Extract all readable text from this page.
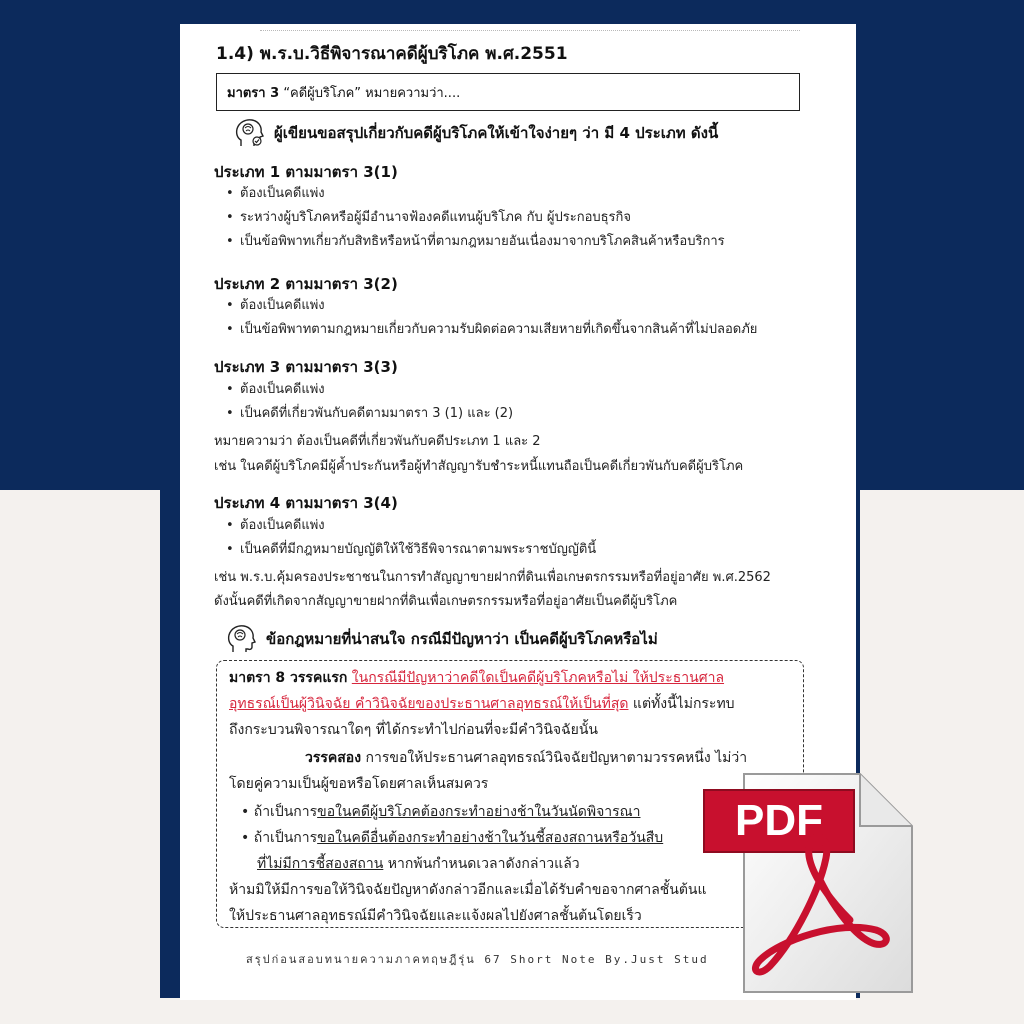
1.4) พ.ร.บ.วิธีพิจารณาคดีผู้บริโภค พ.ศ.2551
มาตรา 3 “คดีผู้บริโภค” หมายความว่า....
ผู้เขียนขอสรุปเกี่ยวกับคดีผู้บริโภคให้เข้าใจง่ายๆ ว่า มี 4 ประเภท ดังนี้
ประเภท 1 ตามมาตรา 3(1)
• ต้องเป็นคดีแพ่ง
• ระหว่างผู้บริโภคหรือผู้มีอำนาจฟ้องคดีแทนผู้บริโภค กับ ผู้ประกอบธุรกิจ
• เป็นข้อพิพาทเกี่ยวกับสิทธิหรือหน้าที่ตามกฎหมายอันเนื่องมาจากบริโภคสินค้าหรือบริการ
ประเภท 2 ตามมาตรา 3(2)
• ต้องเป็นคดีแพ่ง
• เป็นข้อพิพาทตามกฎหมายเกี่ยวกับความรับผิดต่อความเสียหายที่เกิดขึ้นจากสินค้าที่ไม่ปลอดภัย
ประเภท 3 ตามมาตรา 3(3)
• ต้องเป็นคดีแพ่ง
• เป็นคดีที่เกี่ยวพันกับคดีตามมาตรา 3 (1) และ (2)
หมายความว่า ต้องเป็นคดีที่เกี่ยวพันกับคดีประเภท 1 และ 2
เช่น ในคดีผู้บริโภคมีผู้ค้ำประกันหรือผู้ทำสัญญารับชำระหนี้แทนถือเป็นคดีเกี่ยวพันกับคดีผู้บริโภค
ประเภท 4 ตามมาตรา 3(4)
• ต้องเป็นคดีแพ่ง
• เป็นคดีที่มีกฎหมายบัญญัติให้ใช้วิธีพิจารณาตามพระราชบัญญัตินี้
เช่น พ.ร.บ.คุ้มครองประชาชนในการทำสัญญาขายฝากที่ดินเพื่อเกษตรกรรมหรือที่อยู่อาศัย พ.ศ.2562
ดังนั้นคดีที่เกิดจากสัญญาขายฝากที่ดินเพื่อเกษตรกรรมหรือที่อยู่อาศัยเป็นคดีผู้บริโภค
ข้อกฎหมายที่น่าสนใจ กรณีมีปัญหาว่า เป็นคดีผู้บริโภคหรือไม่
มาตรา 8 วรรคแรก ในกรณีมีปัญหาว่าคดีใดเป็นคดีผู้บริโภคหรือไม่ ให้ประธานศาล
อุทธรณ์เป็นผู้วินิจฉัย คำวินิจฉัยของประธานศาลอุทธรณ์ให้เป็นที่สุด แต่ทั้งนี้ไม่กระทบ
ถึงกระบวนพิจารณาใดๆ ที่ได้กระทำไปก่อนที่จะมีคำวินิจฉัยนั้น
วรรคสอง การขอให้ประธานศาลอุทธรณ์วินิจฉัยปัญหาตามวรรคหนึ่ง ไม่ว่า
โดยคู่ความเป็นผู้ขอหรือโดยศาลเห็นสมควร
• ถ้าเป็นการขอในคดีผู้บริโภคต้องกระทำอย่างช้าในวันนัดพิจารณา
• ถ้าเป็นการขอในคดีอื่นต้องกระทำอย่างช้าในวันชี้สองสถานหรือวันสืบ
ที่ไม่มีการชี้สองสถาน หากพ้นกำหนดเวลาดังกล่าวแล้ว
ห้ามมิให้มีการขอให้วินิจฉัยปัญหาดังกล่าวอีกและเมื่อได้รับคำขอจากศาลชั้นต้นแ
ให้ประธานศาลอุทธรณ์มีคำวินิจฉัยและแจ้งผลไปยังศาลชั้นต้นโดยเร็ว
สรุปก่อนสอบทนายความภาคทฤษฎีรุ่น 67 Short Note By.Just Stud
PDF
